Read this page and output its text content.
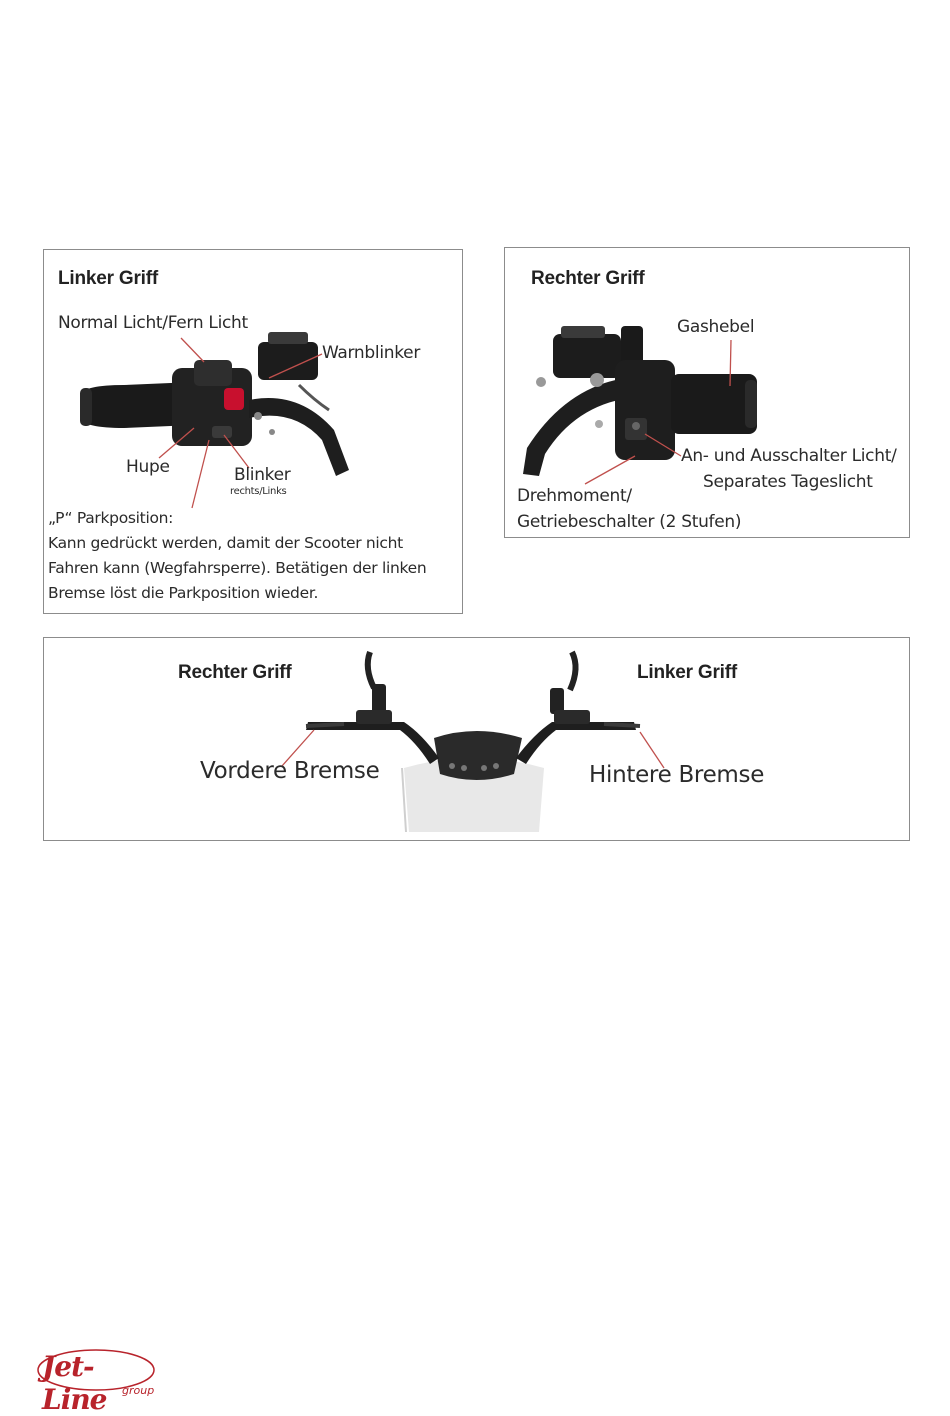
Linker Griff
Normal Licht/Fern Licht
Warnblinker
Hupe	Blinker
rechts/Links
„P“ Parkposition:
Kann gedrückt werden, damit der Scooter nicht
Fahren kann (Wegfahrsperre). Betätigen der linken
Bremse löst die Parkposition wieder.
Rechter Griff
Gashebel
An- und Ausschalter Licht/
Separates Tageslicht
Drehmoment/
Getriebeschalter (2 Stufen)
Rechter Griff	Linker Griff
Vordere Bremse	Hintere Bremse
Jet-Line	group
